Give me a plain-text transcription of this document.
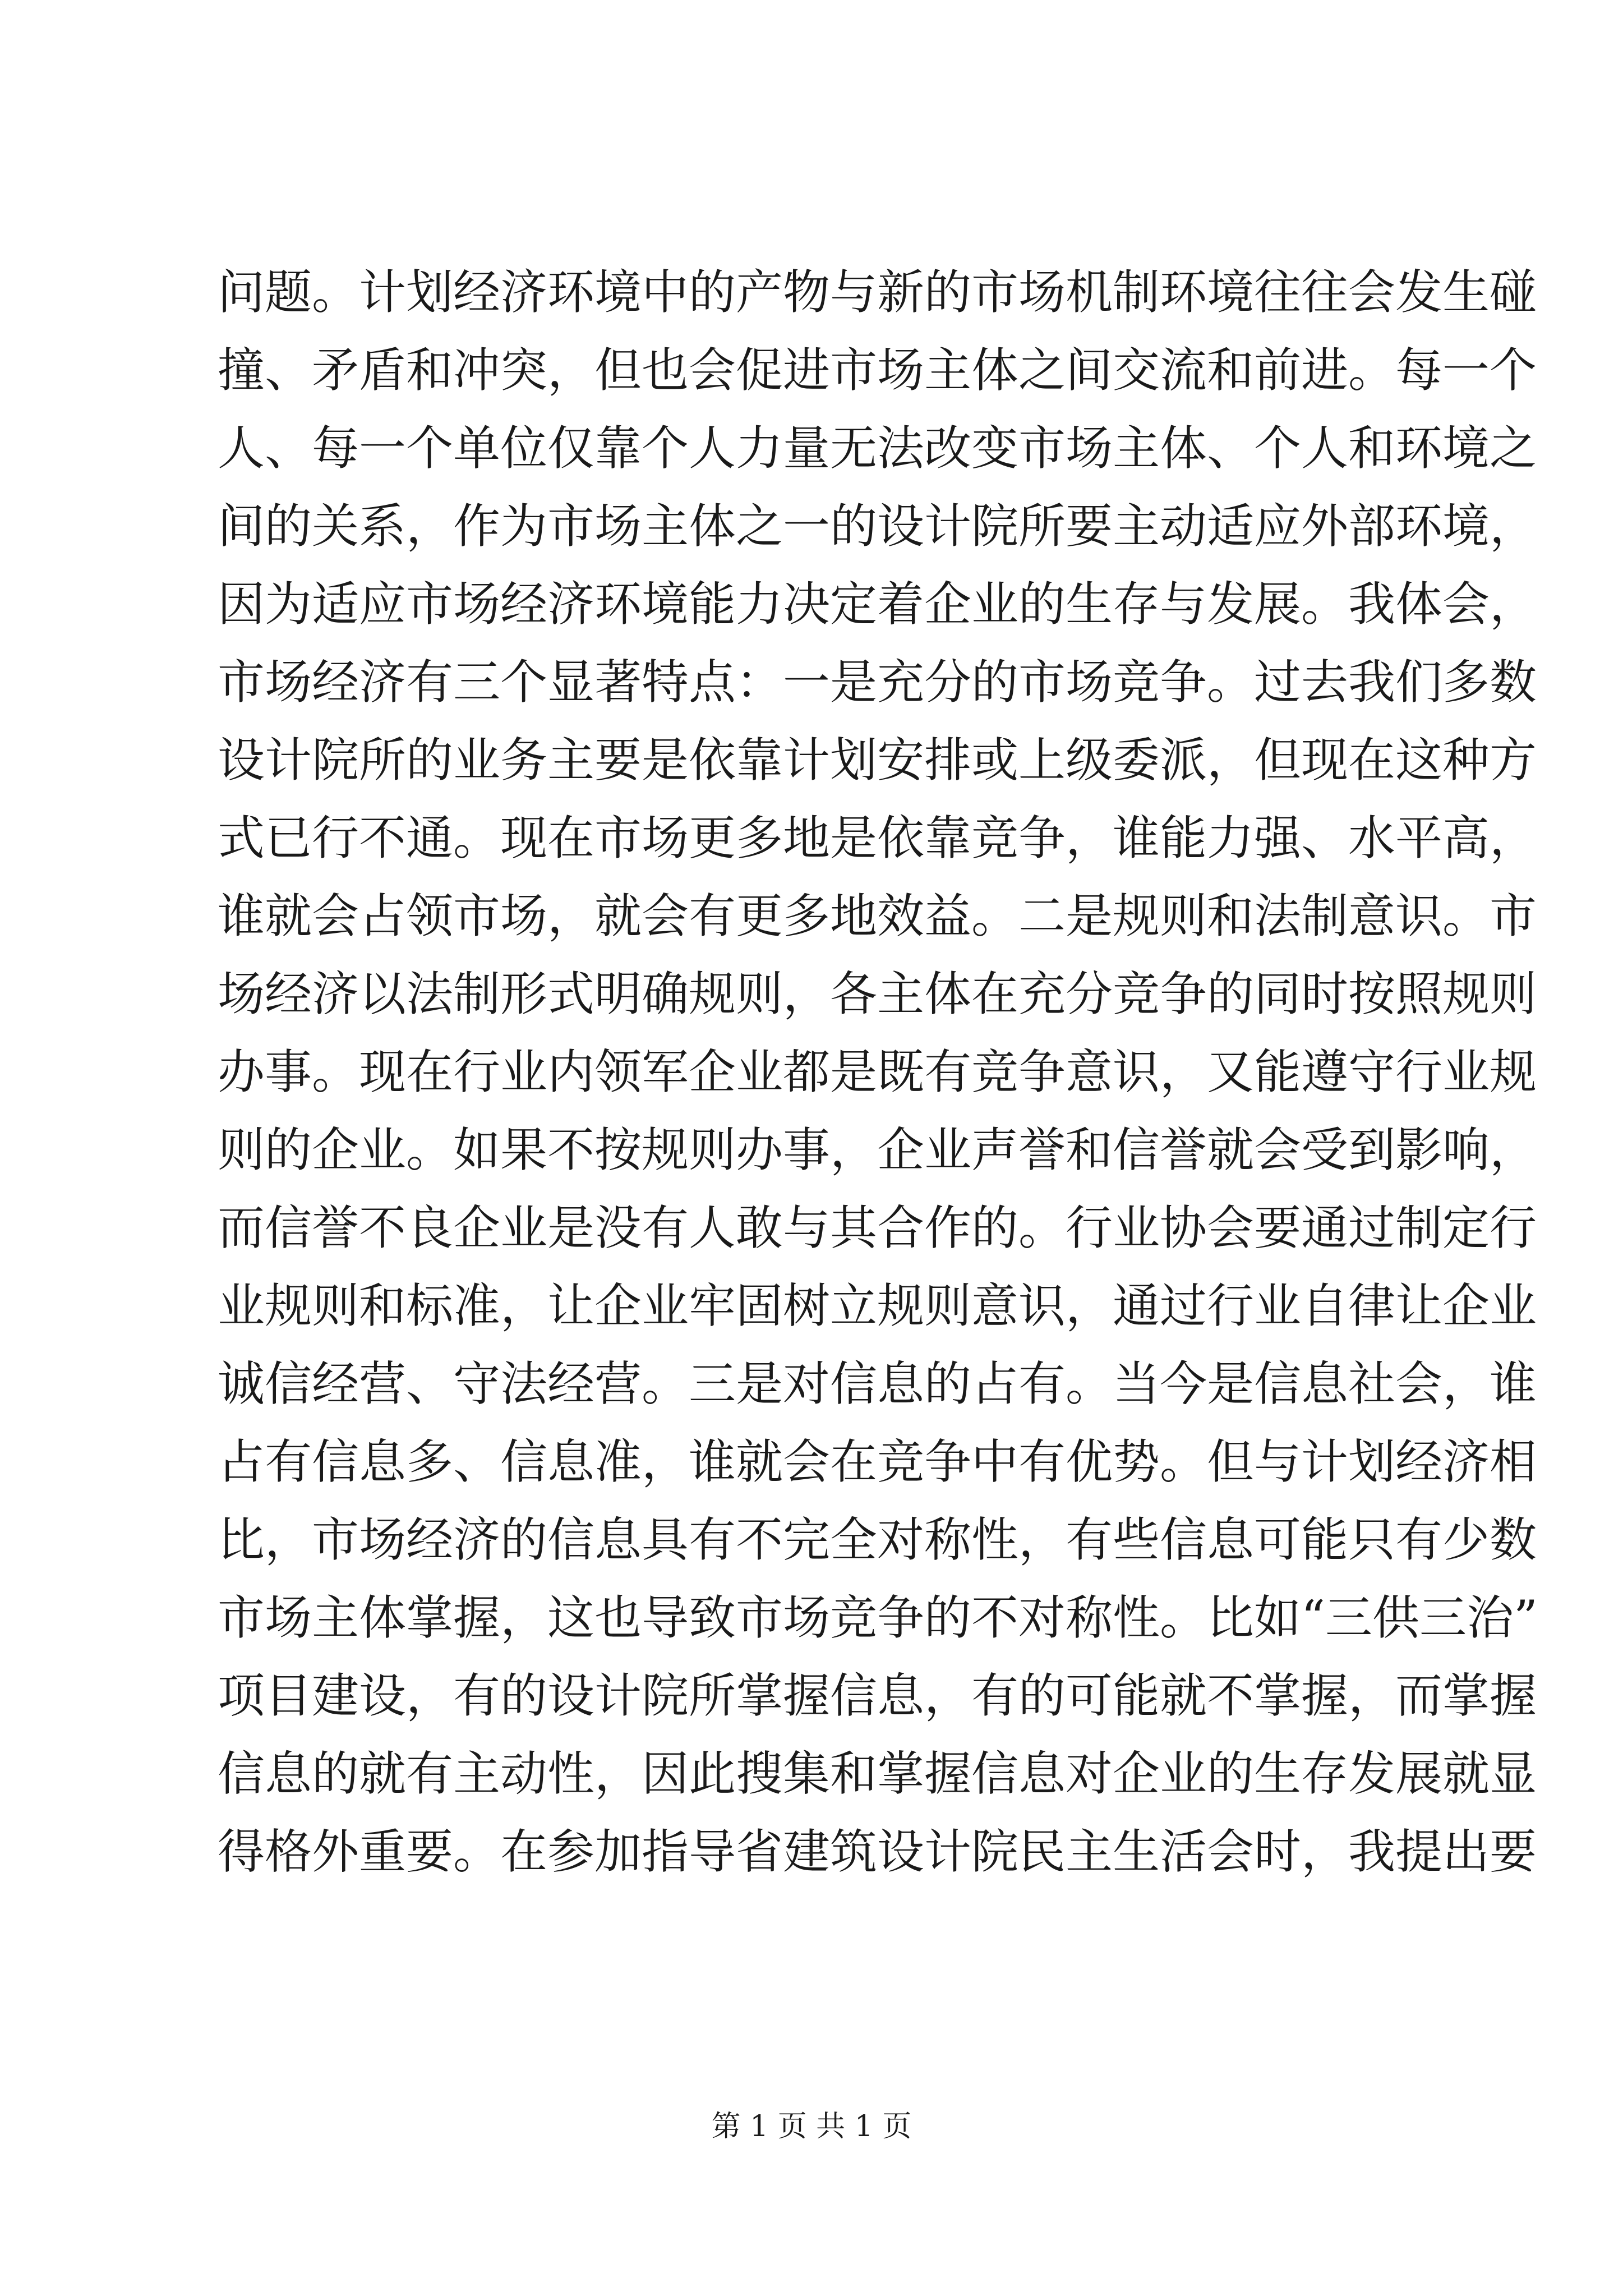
问题。计划经济环境中的产物与新的市场机制环境往往会发生碰
撞、矛盾和冲突，但也会促进市场主体之间交流和前进。每一个
人、每一个单位仅靠个人力量无法改变市场主体、个人和环境之
间的关系，作为市场主体之一的设计院所要主动适应外部环境，
因为适应市场经济环境能力决定着企业的生存与发展。我体会，
市场经济有三个显著特点：一是充分的市场竞争。过去我们多数
设计院所的业务主要是依靠计划安排或上级委派，但现在这种方
式已行不通。现在市场更多地是依靠竞争，谁能力强、水平高，
谁就会占领市场，就会有更多地效益。二是规则和法制意识。市
场经济以法制形式明确规则，各主体在充分竞争的同时按照规则
办事。现在行业内领军企业都是既有竞争意识，又能遵守行业规
则的企业。如果不按规则办事，企业声誉和信誉就会受到影响，
而信誉不良企业是没有人敢与其合作的。行业协会要通过制定行
业规则和标准，让企业牢固树立规则意识，通过行业自律让企业
诚信经营、守法经营。三是对信息的占有。当今是信息社会，谁
占有信息多、信息准，谁就会在竞争中有优势。但与计划经济相
比，市场经济的信息具有不完全对称性，有些信息可能只有少数
市场主体掌握，这也导致市场竞争的不对称性。比如“三供三治”
项目建设，有的设计院所掌握信息，有的可能就不掌握，而掌握
信息的就有主动性，因此搜集和掌握信息对企业的生存发展就显
得格外重要。在参加指导省建筑设计院民主生活会时，我提出要
第 1 页 共 1 页
